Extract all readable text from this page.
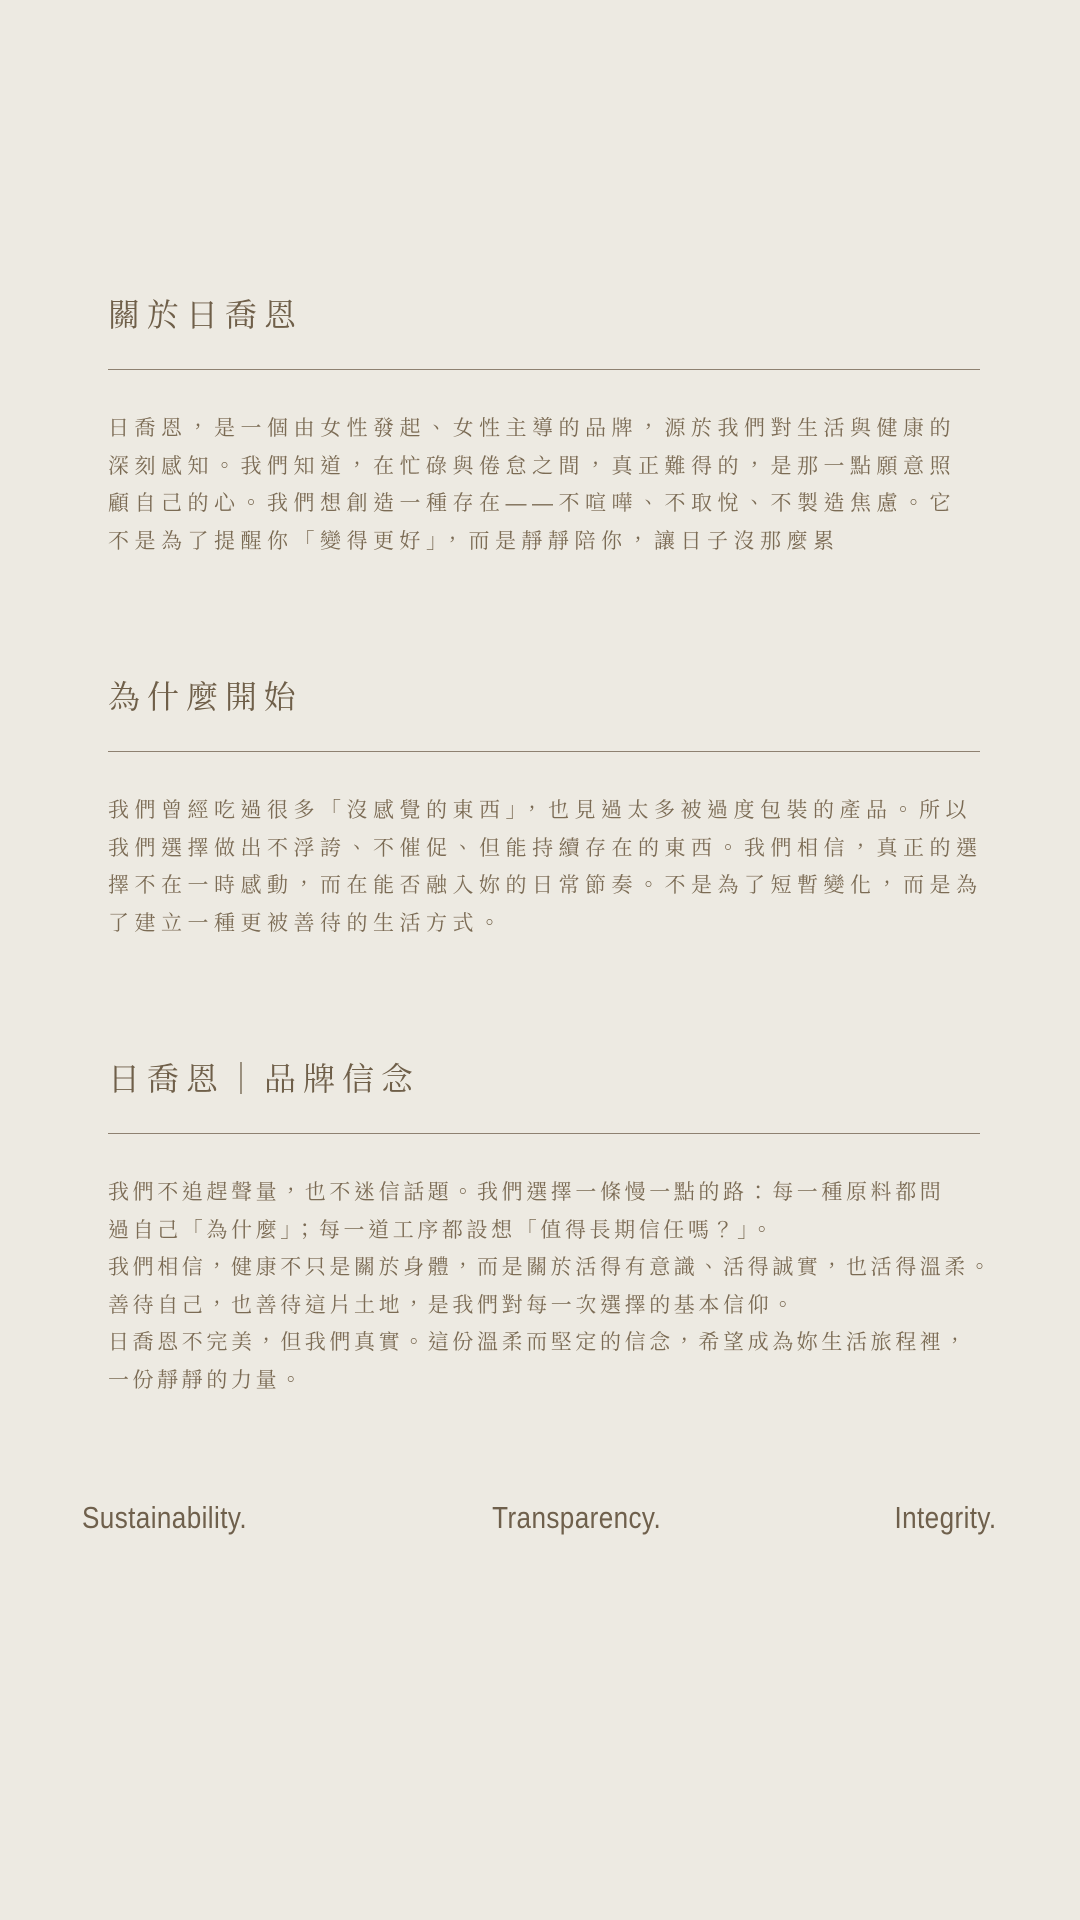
關於日喬恩

日喬恩，是一個由女性發起、女性主導的品牌，源於我們對生活與健康的
深刻感知。我們知道，在忙碌與倦怠之間，真正難得的，是那一點願意照
顧自己的心。我們想創造一種存在——不喧嘩、不取悅、不製造焦慮。它
不是為了提醒你「變得更好」，而是靜靜陪你，讓日子沒那麼累

為什麼開始

我們曾經吃過很多「沒感覺的東西」，也見過太多被過度包裝的產品。所以
我們選擇做出不浮誇、不催促、但能持續存在的東西。我們相信，真正的選
擇不在一時感動，而在能否融入妳的日常節奏。不是為了短暫變化，而是為
了建立一種更被善待的生活方式。

日喬恩｜品牌信念

我們不追趕聲量，也不迷信話題。我們選擇一條慢一點的路：每一種原料都問
過自己「為什麼」；每一道工序都設想「值得長期信任嗎？」。
我們相信，健康不只是關於身體，而是關於活得有意識、活得誠實，也活得溫柔。
善待自己，也善待這片土地，是我們對每一次選擇的基本信仰。
日喬恩不完美，但我們真實。這份溫柔而堅定的信念，希望成為妳生活旅程裡，
一份靜靜的力量。

Sustainability.	Transparency.	Integrity.
